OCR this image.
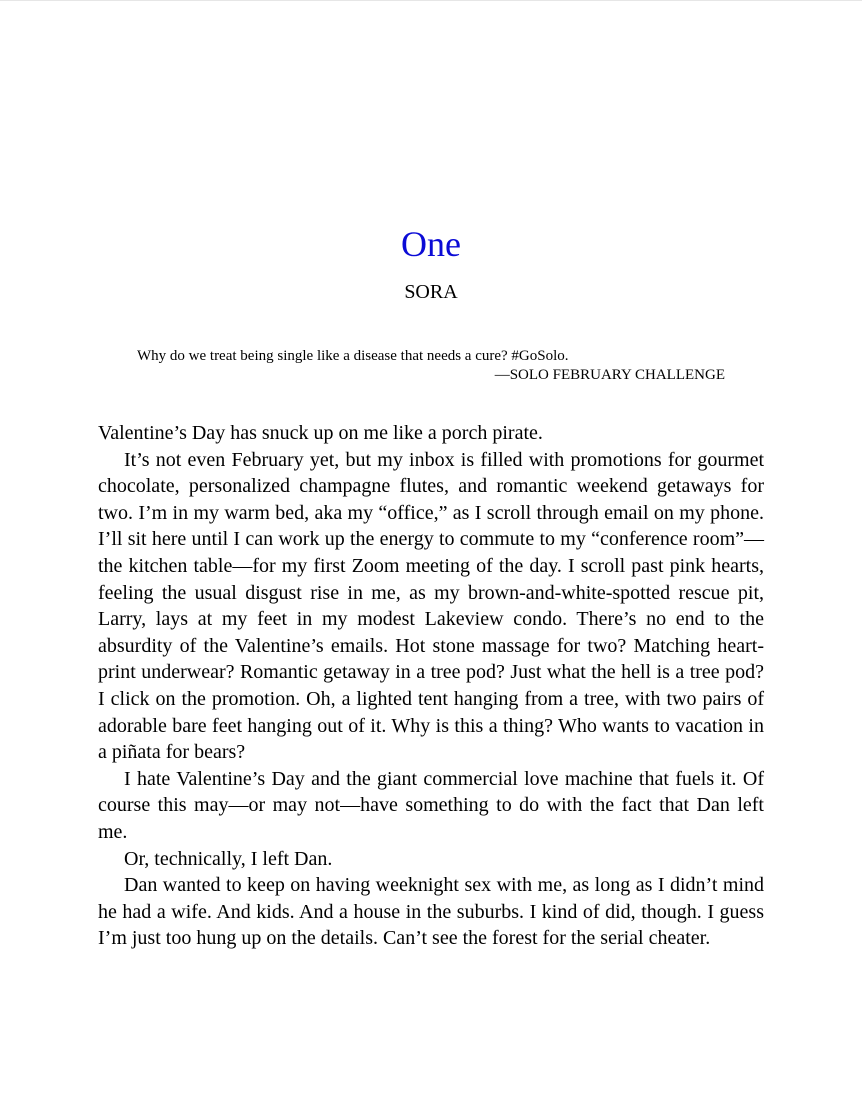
One
SORA

Why do we treat being single like a disease that needs a cure? #GoSolo.

—SOLO FEBRUARY CHALLENGE

Valentine’s Day has snuck up on me like a porch pirate.

It’s not even February yet, but my inbox is filled with promotions for gourmet chocolate, personalized champagne flutes, and romantic weekend getaways for two. I’m in my warm bed, aka my “office,” as I scroll through email on my phone. I’ll sit here until I can work up the energy to commute to my “conference room”—the kitchen table—for my first Zoom meeting of the day. I scroll past pink hearts, feeling the usual disgust rise in me, as my brown-and-white-spotted rescue pit, Larry, lays at my feet in my modest Lakeview condo. There’s no end to the absurdity of the Valentine’s emails. Hot stone massage for two? Matching heart-print underwear? Romantic getaway in a tree pod? Just what the hell is a tree pod? I click on the promotion. Oh, a lighted tent hanging from a tree, with two pairs of adorable bare feet hanging out of it. Why is this a thing? Who wants to vacation in a piñata for bears?

I hate Valentine’s Day and the giant commercial love machine that fuels it. Of course this may—or may not—have something to do with the fact that Dan left me.

Or, technically, I left Dan.

Dan wanted to keep on having weeknight sex with me, as long as I didn’t mind he had a wife. And kids. And a house in the suburbs. I kind of did, though. I guess I’m just too hung up on the details. Can’t see the forest for the serial cheater.
